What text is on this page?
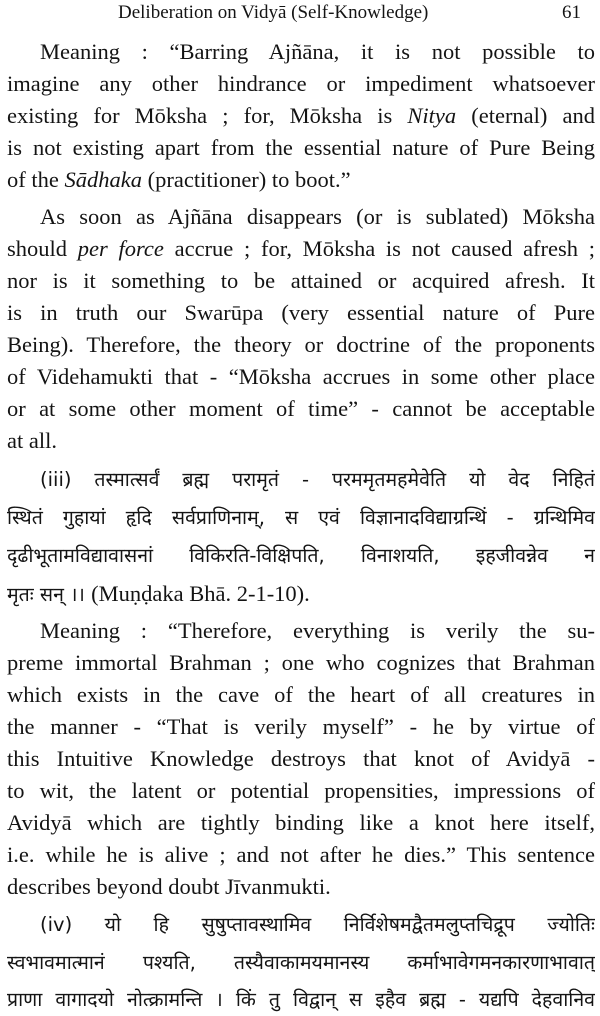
Deliberation on Vidyā (Self-Knowledge)	61
Meaning : “Barring Ajñāna, it is not possible to
imagine any other hindrance or impediment whatsoever
existing for Mōksha ; for, Mōksha is Nitya (eternal) and
is not existing apart from the essential nature of Pure Being
of the Sādhaka (practitioner) to boot.”
As soon as Ajñāna disappears (or is sublated) Mōksha
should per force accrue ; for, Mōksha is not caused afresh ;
nor is it something to be attained or acquired afresh. It
is in truth our Swarūpa (very essential nature of Pure
Being). Therefore, the theory or doctrine of the proponents
of Videhamukti that - “Mōksha accrues in some other place
or at some other moment of time” - cannot be acceptable
at all.
(iii) तस्मात्सर्वं ब्रह्म परामृतं - परममृतमहमेवेति यो वेद निहितं
स्थितं गुहायां हृदि सर्वप्राणिनाम्, स एवं विज्ञानादविद्याग्रन्थिं - ग्रन्थिमिव
दृढीभूतामविद्यावासनां विकिरति-विक्षिपति, विनाशयति, इहजीवन्नेव न
मृतः सन् ।। (Muṇḍaka Bhā. 2-1-10).
Meaning : “Therefore, everything is verily the su-
preme immortal Brahman ; one who cognizes that Brahman
which exists in the cave of the heart of all creatures in
the manner - “That is verily myself” - he by virtue of
this Intuitive Knowledge destroys that knot of Avidyā -
to wit, the latent or potential propensities, impressions of
Avidyā which are tightly binding like a knot here itself,
i.e. while he is alive ; and not after he dies.” This sentence
describes beyond doubt Jīvanmukti.
(iv) यो हि सुषुप्तावस्थामिव निर्विशेषमद्वैतमलुप्तचिद्रूप ज्योतिः
स्वभावमात्मानं पश्यति, तस्यैवाकामयमानस्य कर्माभावेगमनकारणाभावात्
प्राणा वागादयो नोत्क्रामन्ति । किं तु विद्वान् स इहैव ब्रह्म - यद्यपि देहवानिव
